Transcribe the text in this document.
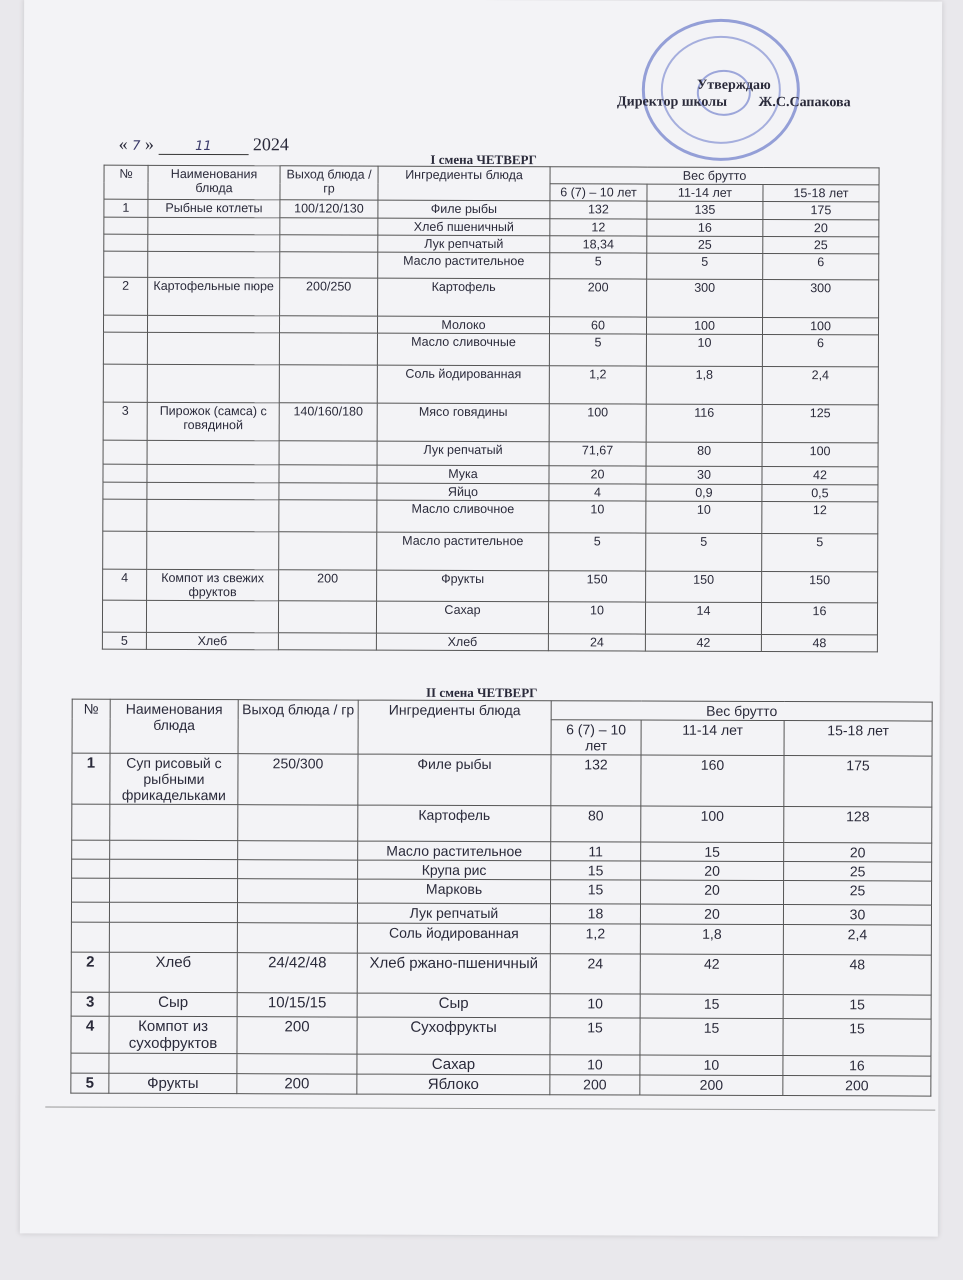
Утверждаю
Директор школы Ж.С.Сапакова
« 7 »	11 2024
I смена ЧЕТВЕРГ
№	Наименования блюда	Выход блюда / гр	Ингредиенты блюда	Вес брутто		
				6 (7) – 10 лет	11-14 лет	15-18 лет
1	Рыбные котлеты	100/120/130	Филе рыбы	132	135	175
			Хлеб пшеничный	12	16	20
			Лук репчатый	18,34	25	25
			Масло растительное	5	5	6
2	Картофельные пюре	200/250	Картофель	200	300	300
			Молоко	60	100	100
			Масло сливочные	5	10	6
			Соль йодированная	1,2	1,8	2,4
3	Пирожок (самса) с говядиной	140/160/180	Мясо говядины	100	116	125
			Лук репчатый	71,67	80	100
			Мука	20	30	42
			Яйцо	4	0,9	0,5
			Масло сливочное	10	10	12
			Масло растительное	5	5	5
4	Компот из свежих фруктов	200	Фрукты	150	150	150
			Сахар	10	14	16
5	Хлеб		Хлеб	24	42	48
II смена ЧЕТВЕРГ
№	Наименования блюда	Выход блюда / гр	Ингредиенты блюда	Вес брутто		
				6 (7) – 10 лет	11-14 лет	15-18 лет
1	Суп рисовый с рыбными фрикадельками	250/300	Филе рыбы	132	160	175
			Картофель	80	100	128
			Масло растительное	11	15	20
			Крупа рис	15	20	25
			Марковь	15	20	25
			Лук репчатый	18	20	30
			Соль йодированная	1,2	1,8	2,4
2	Хлеб	24/42/48	Хлеб ржано-пшеничный	24	42	48
3	Сыр	10/15/15	Сыр	10	15	15
4	Компот из сухофруктов	200	Сухофрукты	15	15	15
			Сахар	10	10	16
5	Фрукты	200	Яблоко	200	200	200
